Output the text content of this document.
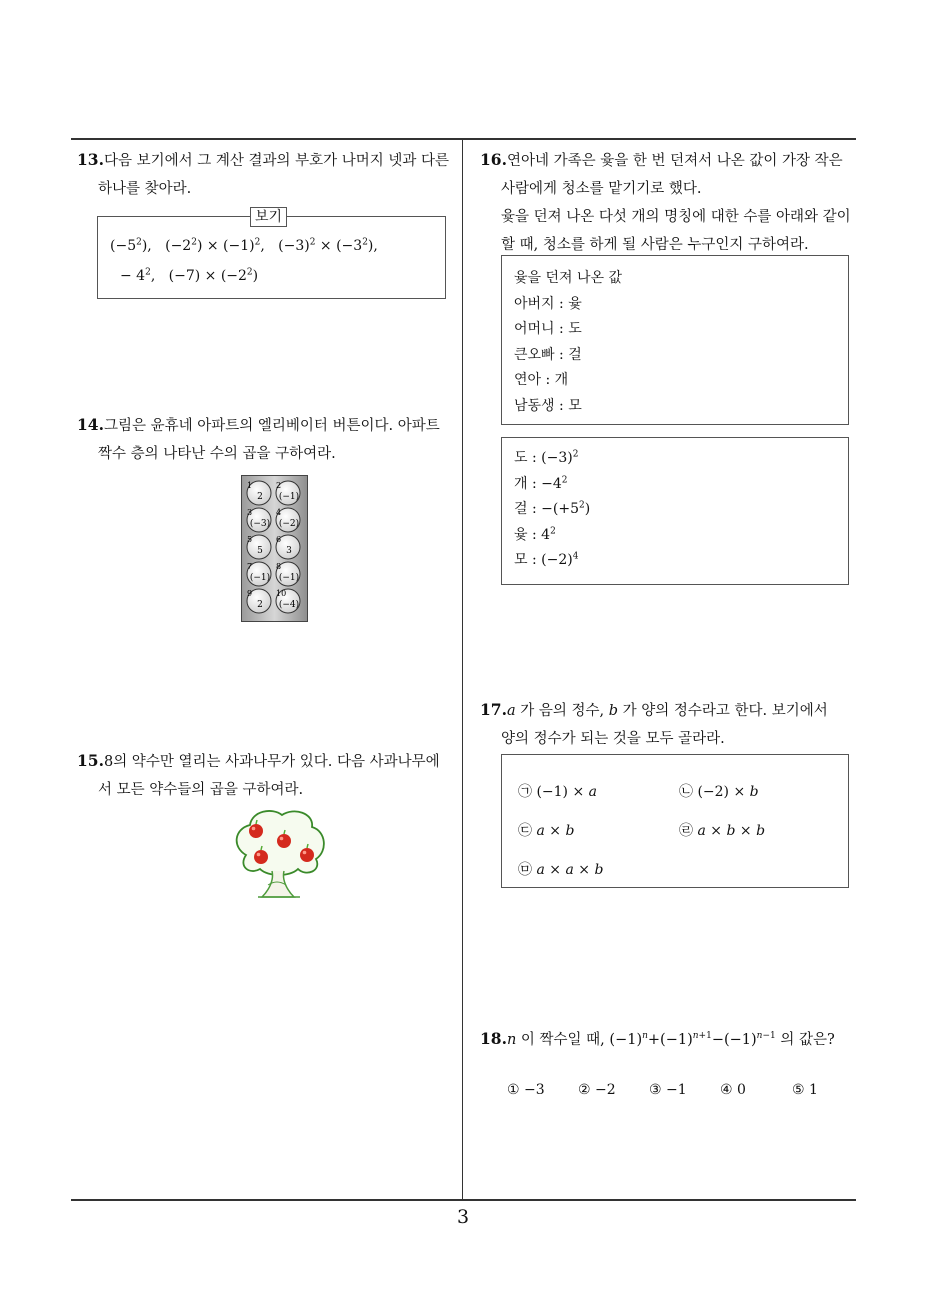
13.다음 보기에서 그 계산 결과의 부호가 나머지 넷과 다른
하나를 찾아라.
보기
$(-5^2)$,   $(-2^2) \times (-1)^2$,   $(-3)^2 \times (-3^2)$,
− $4^2$,   $(-7) \times (-2^2)$
14.그림은 윤휴네 아파트의 엘리베이터 버튼이다. 아파트
짝수 층의 나타난 수의 곱을 구하여라.
1
2
2
(−1)
3
(−3)
4
(−2)
5
5
6
3
7
(−1)
8
(−1)
9
2
10
(−4)
15.8의 약수만 열리는 사과나무가 있다. 다음 사과나무에
서 모든 약수들의 곱을 구하여라.
16.연아네 가족은 윷을 한 번 던져서 나온 값이 가장 작은
사람에게 청소를 맡기기로 했다.
윷을 던져 나온 다섯 개의 명칭에 대한 수를 아래와 같이
할 때, 청소를 하게 될 사람은 누구인지 구하여라.
윷을 던져 나온 값
아버지 : 윷
어머니 : 도
큰오빠 : 걸
연아 : 개
남동생 : 모
도 : $(-3)^2$
개 : $-4^2$
걸 : $-(+5^2)$
윷 : $4^2$
모 : $(-2)^4$
17.a 가 음의 정수, b 가 양의 정수라고 한다. 보기에서
양의 정수가 되는 것을 모두 골라라.
㉠ (−1) × a	㉡ (−2) × b
㉢ a × b	㉣ a × b × b
㉤ a × a × b
18.n 이 짝수일 때, $(-1)^n+(-1)^{n+1}-(-1)^{n-1}$ 의 값은?
① −3 ② −2 ③ −1 ④ 0	⑤ 1
3
